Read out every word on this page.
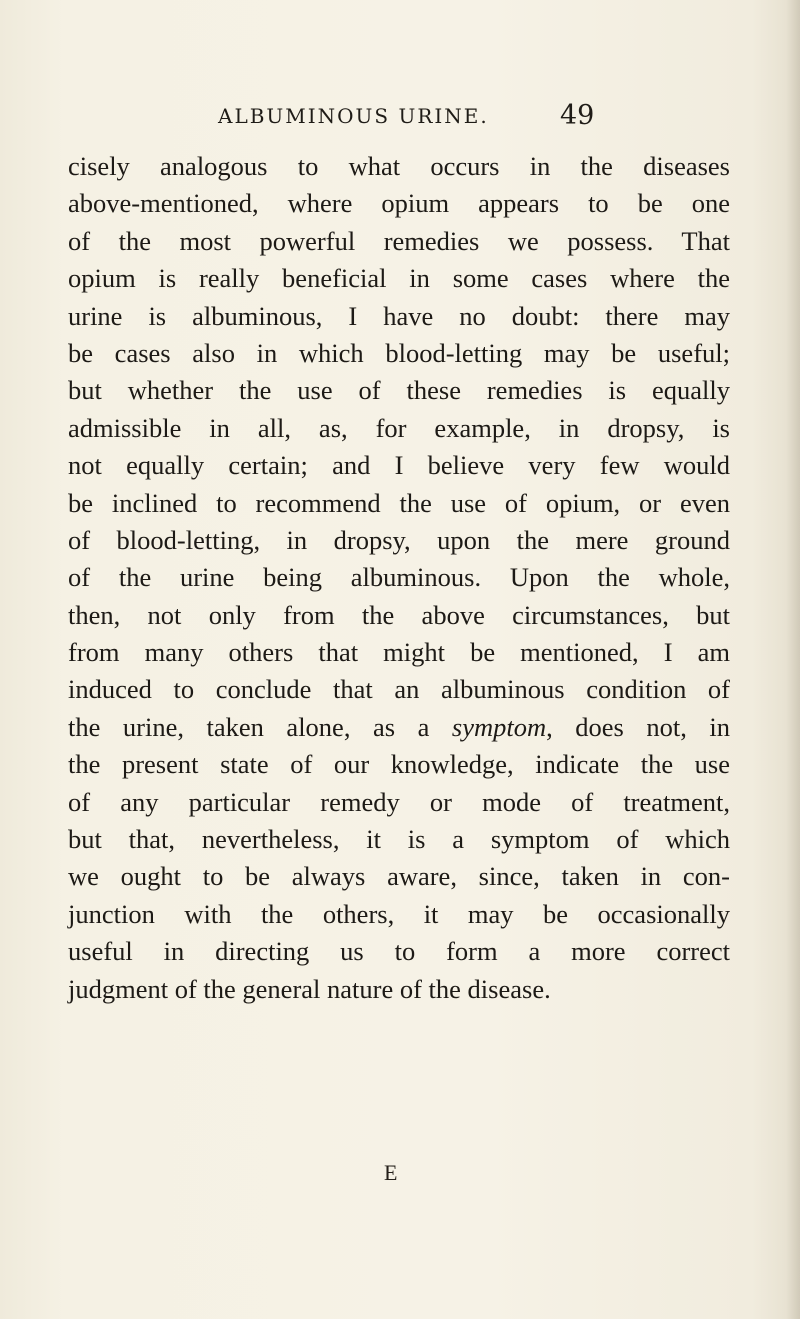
ALBUMINOUS URINE.	49
cisely analogous to what occurs in the diseases
above-mentioned, where opium appears to be one
of the most powerful remedies we possess. That
opium is really beneficial in some cases where the
urine is albuminous, I have no doubt: there may
be cases also in which blood-letting may be useful;
but whether the use of these remedies is equally
admissible in all, as, for example, in dropsy, is
not equally certain; and I believe very few would
be inclined to recommend the use of opium, or even
of blood-letting, in dropsy, upon the mere ground
of the urine being albuminous. Upon the whole,
then, not only from the above circumstances, but
from many others that might be mentioned, I am
induced to conclude that an albuminous condition of
the urine, taken alone, as a symptom, does not, in
the present state of our knowledge, indicate the use
of any particular remedy or mode of treatment,
but that, nevertheless, it is a symptom of which
we ought to be always aware, since, taken in con-
junction with the others, it may be occasionally
useful in directing us to form a more correct
judgment of the general nature of the disease.
E
